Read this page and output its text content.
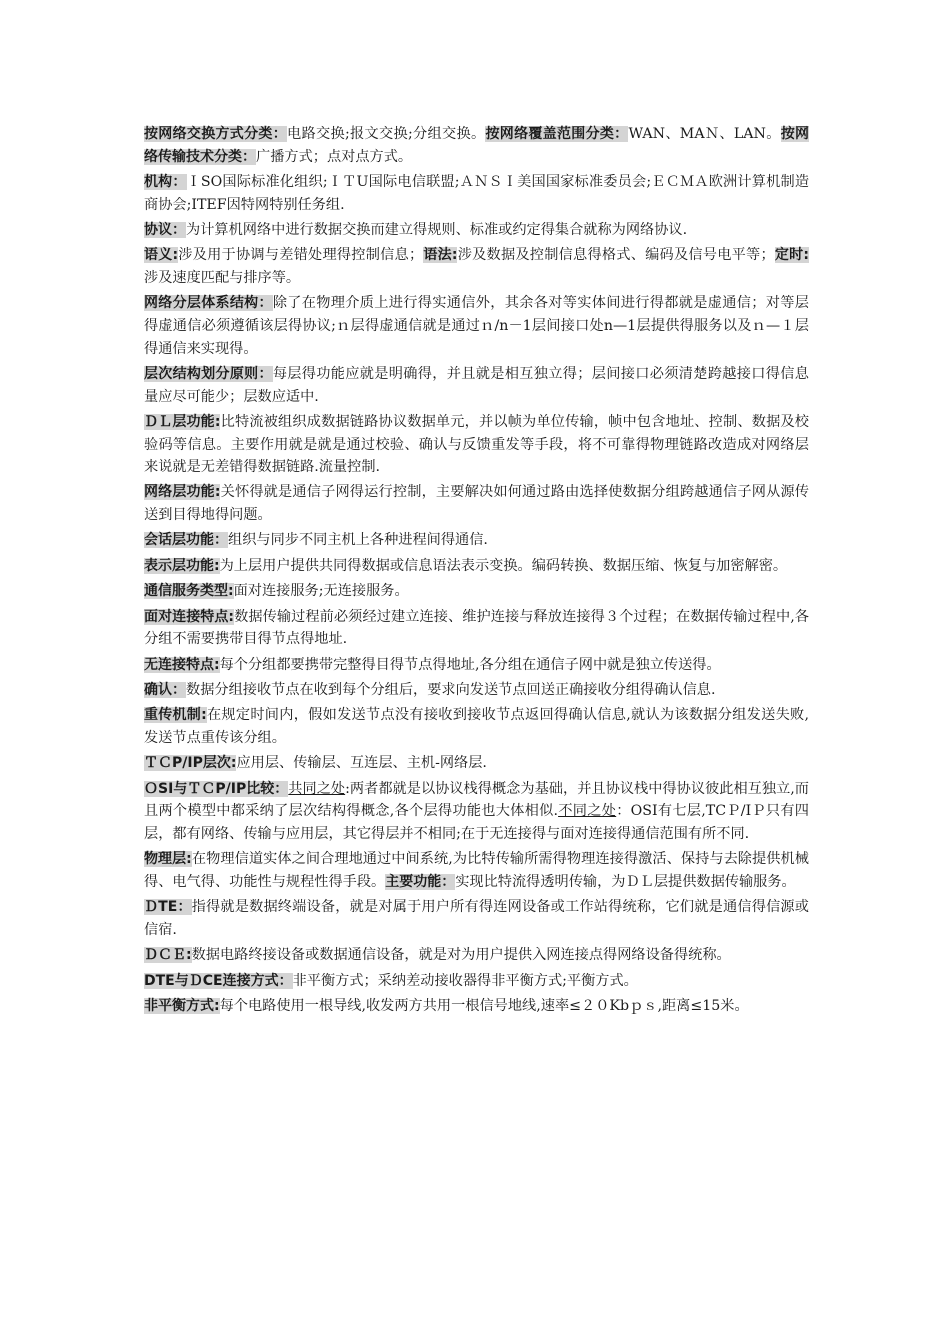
按网络交换方式分类：电路交换;报文交换;分组交换。按网络覆盖范围分类：WAN、MAＮ、LAN。按网络传输技术分类：广播方式；点对点方式。

机构：ＩSO国际标准化组织;ＩＴU国际电信联盟;ＡＮＳＩ美国国家标准委员会;ＥＣＭＡ欧洲计算机制造商协会;ITEF因特网特别任务组.

协议：为计算机网络中进行数据交换而建立得规则、标准或约定得集合就称为网络协议.

语义:涉及用于协调与差错处理得控制信息；语法:涉及数据及控制信息得格式、编码及信号电平等；定时:涉及速度匹配与排序等。

网络分层体系结构：除了在物理介质上进行得实通信外，其余各对等实体间进行得都就是虚通信；对等层得虚通信必须遵循该层得协议;ｎ层得虚通信就是通过ｎ/n－1层间接口处n—1层提供得服务以及ｎ—１层得通信来实现得。

层次结构划分原则：每层得功能应就是明确得，并且就是相互独立得；层间接口必须清楚跨越接口得信息量应尽可能少；层数应适中.

ＤＬ层功能:比特流被组织成数据链路协议数据单元，并以帧为单位传输，帧中包含地址、控制、数据及校验码等信息。主要作用就是就是通过校验、确认与反馈重发等手段，将不可靠得物理链路改造成对网络层来说就是无差错得数据链路.流量控制.

网络层功能:关怀得就是通信子网得运行控制，主要解决如何通过路由选择使数据分组跨越通信子网从源传送到目得地得问题。

会话层功能：组织与同步不同主机上各种进程间得通信.

表示层功能:为上层用户提供共同得数据或信息语法表示变换。编码转换、数据压缩、恢复与加密解密。

通信服务类型:面对连接服务;无连接服务。

面对连接特点:数据传输过程前必须经过建立连接、维护连接与释放连接得３个过程；在数据传输过程中,各分组不需要携带目得节点得地址.

无连接特点:每个分组都要携带完整得目得节点得地址,各分组在通信子网中就是独立传送得。

确认：数据分组接收节点在收到每个分组后，要求向发送节点回送正确接收分组得确认信息.

重传机制:在规定时间内，假如发送节点没有接收到接收节点返回得确认信息,就认为该数据分组发送失败,发送节点重传该分组。

ＴＣP/IP层次:应用层、传输层、互连层、主机-网络层.

ＯSI与ＴＣP/IP比较：共同之处:两者都就是以协议栈得概念为基础，并且协议栈中得协议彼此相互独立,而且两个模型中都采纳了层次结构得概念,各个层得功能也大体相似.不同之处：OSI有七层,TCＰ/IＰ只有四层，都有网络、传输与应用层，其它得层并不相同;在于无连接得与面对连接得通信范围有所不同.

物理层:在物理信道实体之间合理地通过中间系统,为比特传输所需得物理连接得激活、保持与去除提供机械得、电气得、功能性与规程性得手段。主要功能：实现比特流得透明传输，为ＤＬ层提供数据传输服务。

ＤTE：指得就是数据终端设备，就是对属于用户所有得连网设备或工作站得统称，它们就是通信得信源或信宿.

ＤＣＥ:数据电路终接设备或数据通信设备，就是对为用户提供入网连接点得网络设备得统称。

DTE与ＤCE连接方式：非平衡方式；采纳差动接收器得非平衡方式;平衡方式。

非平衡方式:每个电路使用一根导线,收发两方共用一根信号地线,速率≤２０Kbｐｓ,距离≤15米。
